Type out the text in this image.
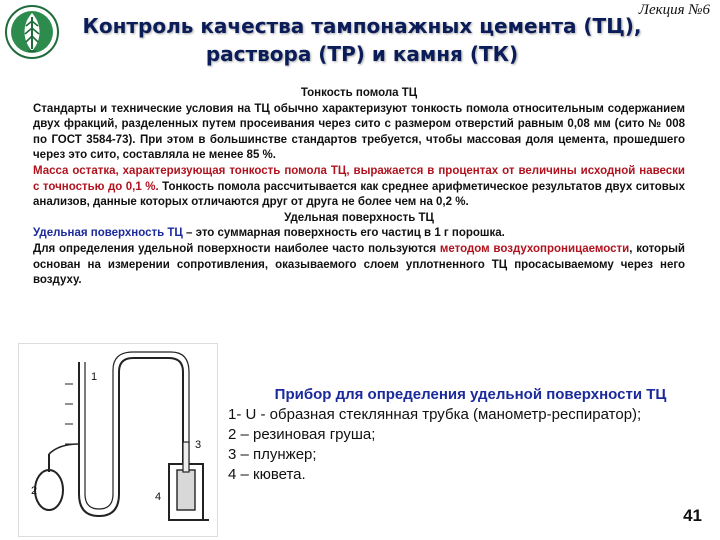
Лекция №6
Контроль качества тампонажных цемента (ТЦ),
раствора (ТР) и камня (ТК)
Тонкость помола ТЦ
Стандарты и технические условия на ТЦ обычно характеризуют тонкость помола относительным содержанием двух фракций, разделенных путем просеивания через сито с размером отверстий равным 0,08 мм (сито № 008 по ГОСТ 3584-73). При этом в большинстве стандартов требуется, чтобы массовая доля цемента, прошедшего через это сито, составляла не менее 85 %.
Масса остатка, характеризующая тонкость помола ТЦ, выражается в процентах от величины исходной навески с точностью до 0,1 %. Тонкость помола рассчитывается как среднее арифметическое результатов двух ситовых анализов, данные которых отличаются друг от друга не более чем на 0,2 %.
Удельная поверхность ТЦ
Удельная поверхность ТЦ – это суммарная поверхность его частиц в 1 г порошка.
Для определения удельной поверхности наиболее часто пользуются методом воздухопроницаемости, который основан на измерении сопротивления, оказываемого слоем уплотненного ТЦ просасываемому через него воздуху.
1
2
3
4
Прибор для определения удельной поверхности ТЦ
1- U - образная стеклянная трубка (манометр-респиратор);
2 – резиновая груша;
3 – плунжер;
4 – кювета.
41
